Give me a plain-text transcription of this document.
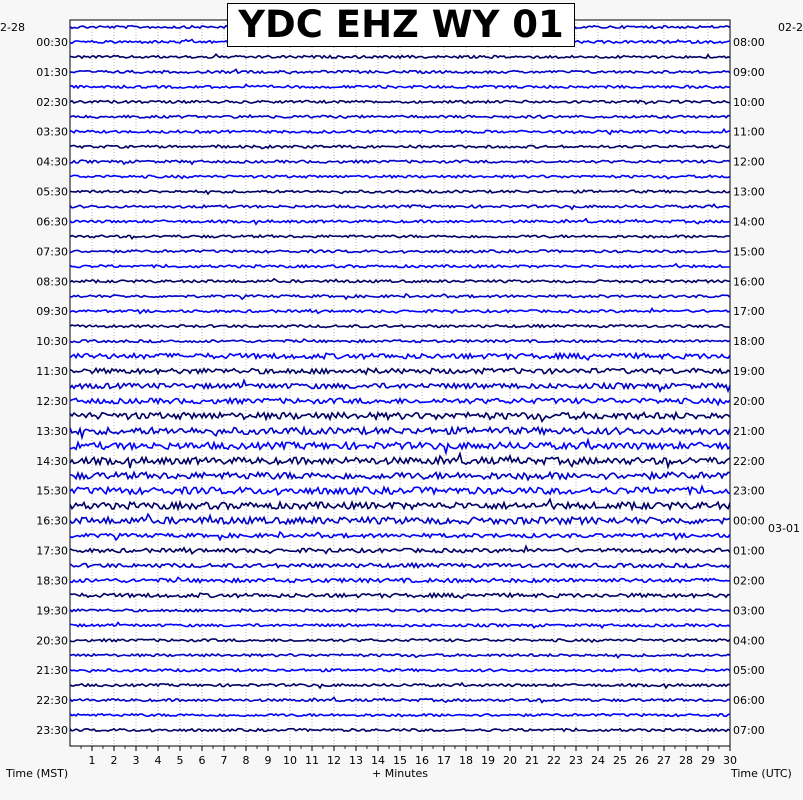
1 2 3 4 5 6 7 8 9 10 11 12 13 14 15 16 17 18 19 20 21 22 23 24 25 26 27 28 29 30
00:30
01:30
02:30
03:30
04:30
05:30
06:30
07:30
08:30
09:30
10:30
11:30
12:30
13:30
14:30
15:30
16:30
17:30
18:30
19:30
20:30
21:30
22:30
23:30
08:00
09:00
10:00
11:00
12:00
13:00
14:00
15:00
16:00
17:00
18:00
19:00
20:00
21:00
22:00
23:00
00:00
01:00
02:00
03:00
04:00
05:00
06:00
07:00
YDC EHZ WY 01
2-28	02-2
03-01
Time (MST)	+ Minutes	Time (UTC)
